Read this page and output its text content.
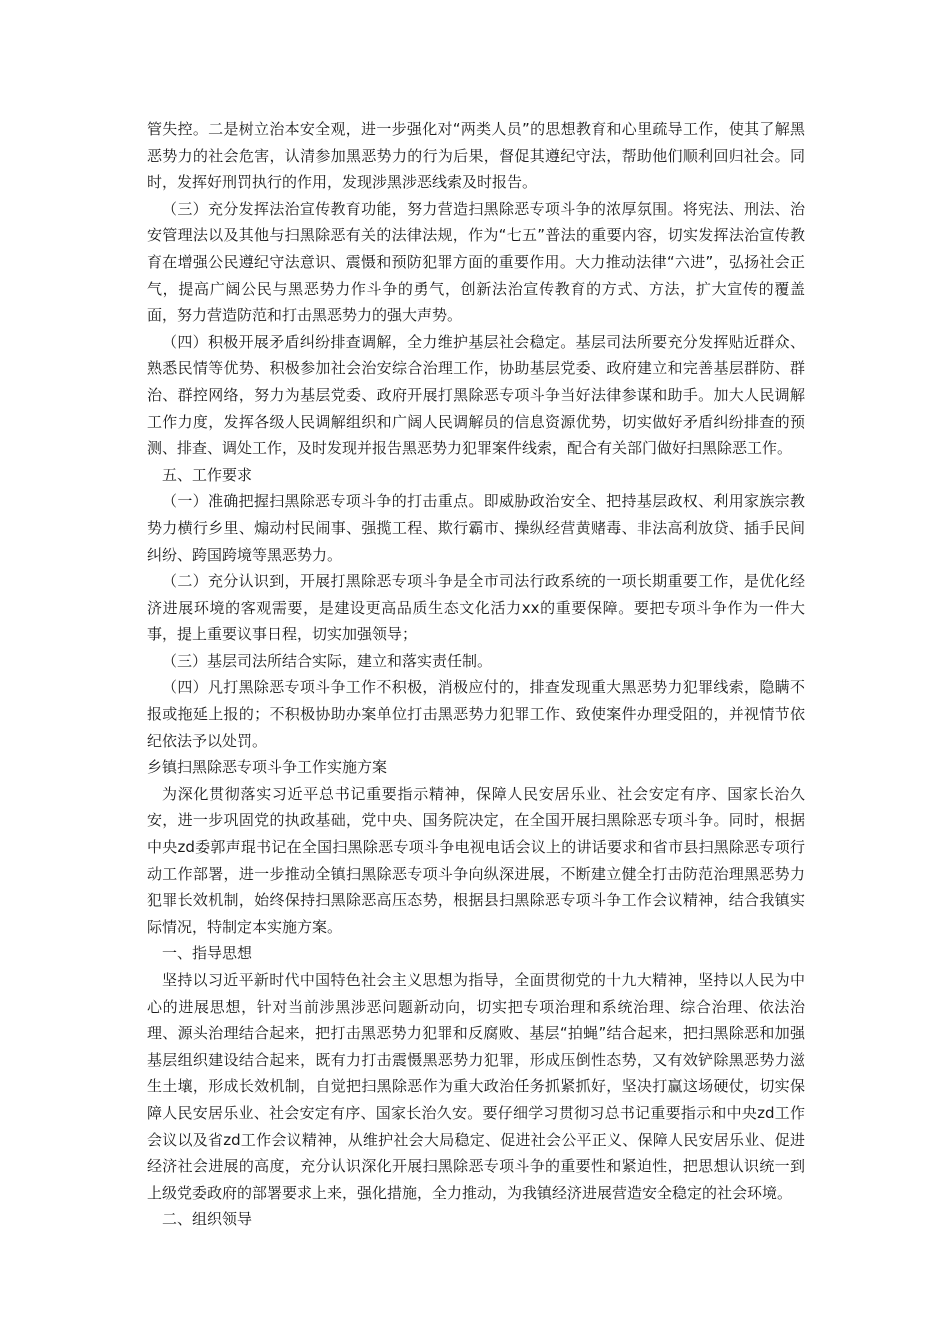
管失控。二是树立治本安全观，进一步强化对“两类人员”的思想教育和心里疏导工作，使其了解黑恶势力的社会危害，认清参加黑恶势力的行为后果，督促其遵纪守法，帮助他们顺利回归社会。同时，发挥好刑罚执行的作用，发现涉黑涉恶线索及时报告。

（三）充分发挥法治宣传教育功能，努力营造扫黑除恶专项斗争的浓厚氛围。将宪法、刑法、治安管理法以及其他与扫黑除恶有关的法律法规，作为“七五”普法的重要内容，切实发挥法治宣传教育在增强公民遵纪守法意识、震慑和预防犯罪方面的重要作用。大力推动法律“六进”，弘扬社会正气，提高广阔公民与黑恶势力作斗争的勇气，创新法治宣传教育的方式、方法，扩大宣传的覆盖面，努力营造防范和打击黑恶势力的强大声势。

（四）积极开展矛盾纠纷排查调解，全力维护基层社会稳定。基层司法所要充分发挥贴近群众、熟悉民情等优势、积极参加社会治安综合治理工作，协助基层党委、政府建立和完善基层群防、群治、群控网络，努力为基层党委、政府开展打黑除恶专项斗争当好法律参谋和助手。加大人民调解工作力度，发挥各级人民调解组织和广阔人民调解员的信息资源优势，切实做好矛盾纠纷排查的预测、排查、调处工作，及时发现并报告黑恶势力犯罪案件线索，配合有关部门做好扫黑除恶工作。

五、工作要求

（一）准确把握扫黑除恶专项斗争的打击重点。即威胁政治安全、把持基层政权、利用家族宗教势力横行乡里、煽动村民闹事、强揽工程、欺行霸市、操纵经营黄赌毒、非法高利放贷、插手民间纠纷、跨国跨境等黑恶势力。

（二）充分认识到，开展打黑除恶专项斗争是全市司法行政系统的一项长期重要工作，是优化经济进展环境的客观需要，是建设更高品质生态文化活力xx的重要保障。要把专项斗争作为一件大事，提上重要议事日程，切实加强领导；

（三）基层司法所结合实际，建立和落实责任制。

（四）凡打黑除恶专项斗争工作不积极，消极应付的，排查发现重大黑恶势力犯罪线索，隐瞒不报或拖延上报的；不积极协助办案单位打击黑恶势力犯罪工作、致使案件办理受阻的，并视情节依纪依法予以处罚。

乡镇扫黑除恶专项斗争工作实施方案

为深化贯彻落实习近平总书记重要指示精神，保障人民安居乐业、社会安定有序、国家长治久安，进一步巩固党的执政基础，党中央、国务院决定，在全国开展扫黑除恶专项斗争。同时，根据中央zd委郭声琨书记在全国扫黑除恶专项斗争电视电话会议上的讲话要求和省市县扫黑除恶专项行动工作部署，进一步推动全镇扫黑除恶专项斗争向纵深进展，不断建立健全打击防范治理黑恶势力犯罪长效机制，始终保持扫黑除恶高压态势，根据县扫黑除恶专项斗争工作会议精神，结合我镇实际情况，特制定本实施方案。

一、指导思想

坚持以习近平新时代中国特色社会主义思想为指导，全面贯彻党的十九大精神，坚持以人民为中心的进展思想，针对当前涉黑涉恶问题新动向，切实把专项治理和系统治理、综合治理、依法治理、源头治理结合起来，把打击黑恶势力犯罪和反腐败、基层“拍蝇”结合起来，把扫黑除恶和加强基层组织建设结合起来，既有力打击震慑黑恶势力犯罪，形成压倒性态势，又有效铲除黑恶势力滋生土壤，形成长效机制，自觉把扫黑除恶作为重大政治任务抓紧抓好，坚决打赢这场硬仗，切实保障人民安居乐业、社会安定有序、国家长治久安。要仔细学习贯彻习总书记重要指示和中央zd工作会议以及省zd工作会议精神，从维护社会大局稳定、促进社会公平正义、保障人民安居乐业、促进经济社会进展的高度，充分认识深化开展扫黑除恶专项斗争的重要性和紧迫性，把思想认识统一到上级党委政府的部署要求上来，强化措施，全力推动，为我镇经济进展营造安全稳定的社会环境。

二、组织领导
